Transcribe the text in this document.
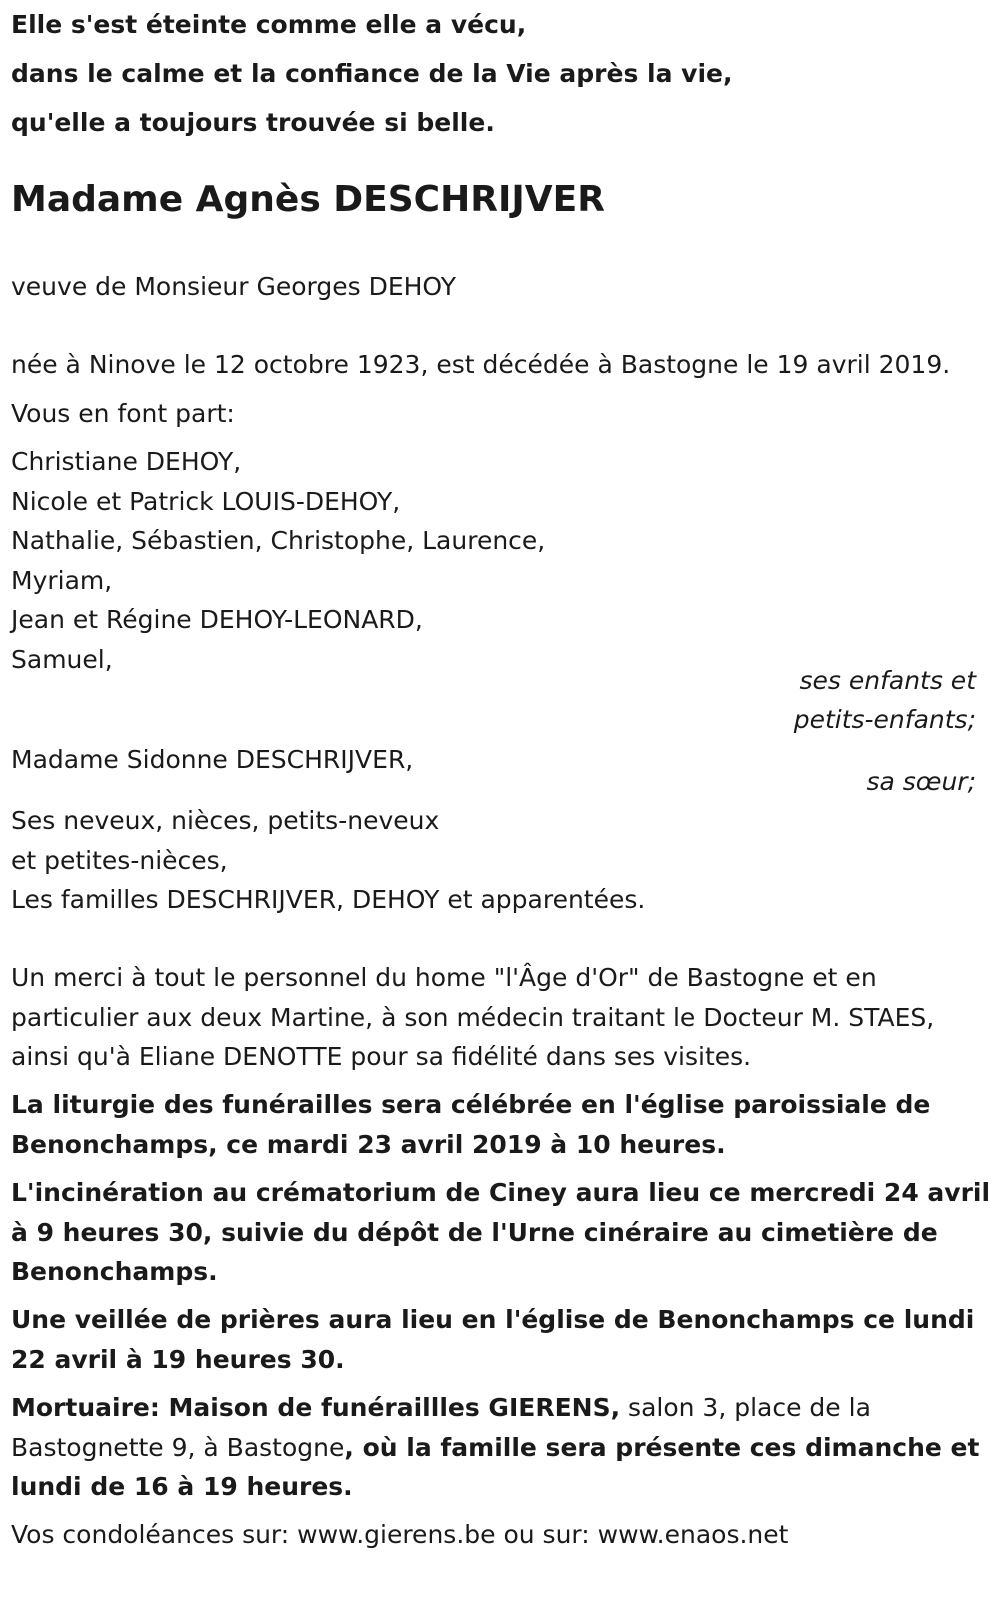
Elle s'est éteinte comme elle a vécu,
dans le calme et la confiance de la Vie après la vie,
qu'elle a toujours trouvée si belle.
Madame Agnès DESCHRIJVER
veuve de Monsieur Georges DEHOY
née à Ninove le 12 octobre 1923, est décédée à Bastogne le 19 avril 2019.
Vous en font part:
Christiane DEHOY,
Nicole et Patrick LOUIS-DEHOY,
Nathalie, Sébastien, Christophe, Laurence,
Myriam,
Jean et Régine DEHOY-LEONARD,
Samuel,
ses enfants et
petits-enfants;
Madame Sidonne DESCHRIJVER,
sa sœur;
Ses neveux, nièces, petits-neveux
et petites-nièces,
Les familles DESCHRIJVER, DEHOY et apparentées.
Un merci à tout le personnel du home "l'Âge d'Or" de Bastogne et en particulier aux deux Martine, à son médecin traitant le Docteur M. STAES, ainsi qu'à Eliane DENOTTE pour sa fidélité dans ses visites.
La liturgie des funérailles sera célébrée en l'église paroissiale de Benonchamps, ce mardi 23 avril 2019 à 10 heures.
L'incinération au crématorium de Ciney aura lieu ce mercredi 24 avril à 9 heures 30, suivie du dépôt de l'Urne cinéraire au cimetière de Benonchamps.
Une veillée de prières aura lieu en l'église de Benonchamps ce lundi 22 avril à 19 heures 30.
Mortuaire: Maison de funéraillles GIERENS, salon 3, place de la Bastognette 9, à Bastogne, où la famille sera présente ces dimanche et lundi de 16 à 19 heures.
Vos condoléances sur: www.gierens.be ou sur: www.enaos.net
